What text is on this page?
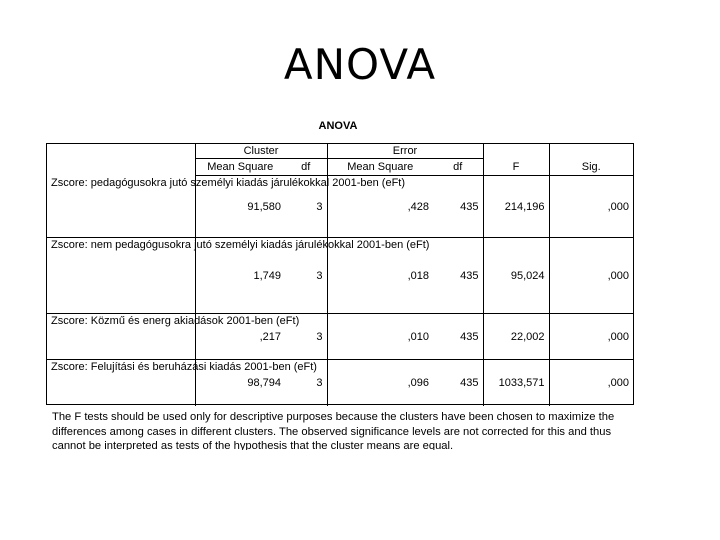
ANOVA
ANOVA
	Cluster		Error			
	Mean Square	df	Mean Square	df	F	Sig.
Zscore: pedagógusokra jutó személyi kiadás járulékokkal 2001-ben (eFt)	91,580	3	,428	435	214,196	,000
Zscore: nem pedagógusokra jutó személyi kiadás járulékokkal 2001-ben (eFt)	1,749	3	,018	435	95,024	,000
Zscore: Közmű és energ akiadások 2001-ben (eFt)	,217	3	,010	435	22,002	,000
Zscore: Felujítási és beruházási kiadás 2001-ben (eFt)	98,794	3	,096	435	1033,571	,000
The F tests should be used only for descriptive purposes because the clusters have been chosen to maximize the differences among cases in different clusters. The observed significance levels are not corrected for this and thus cannot be interpreted as tests of the hypothesis that the cluster means are equal.
